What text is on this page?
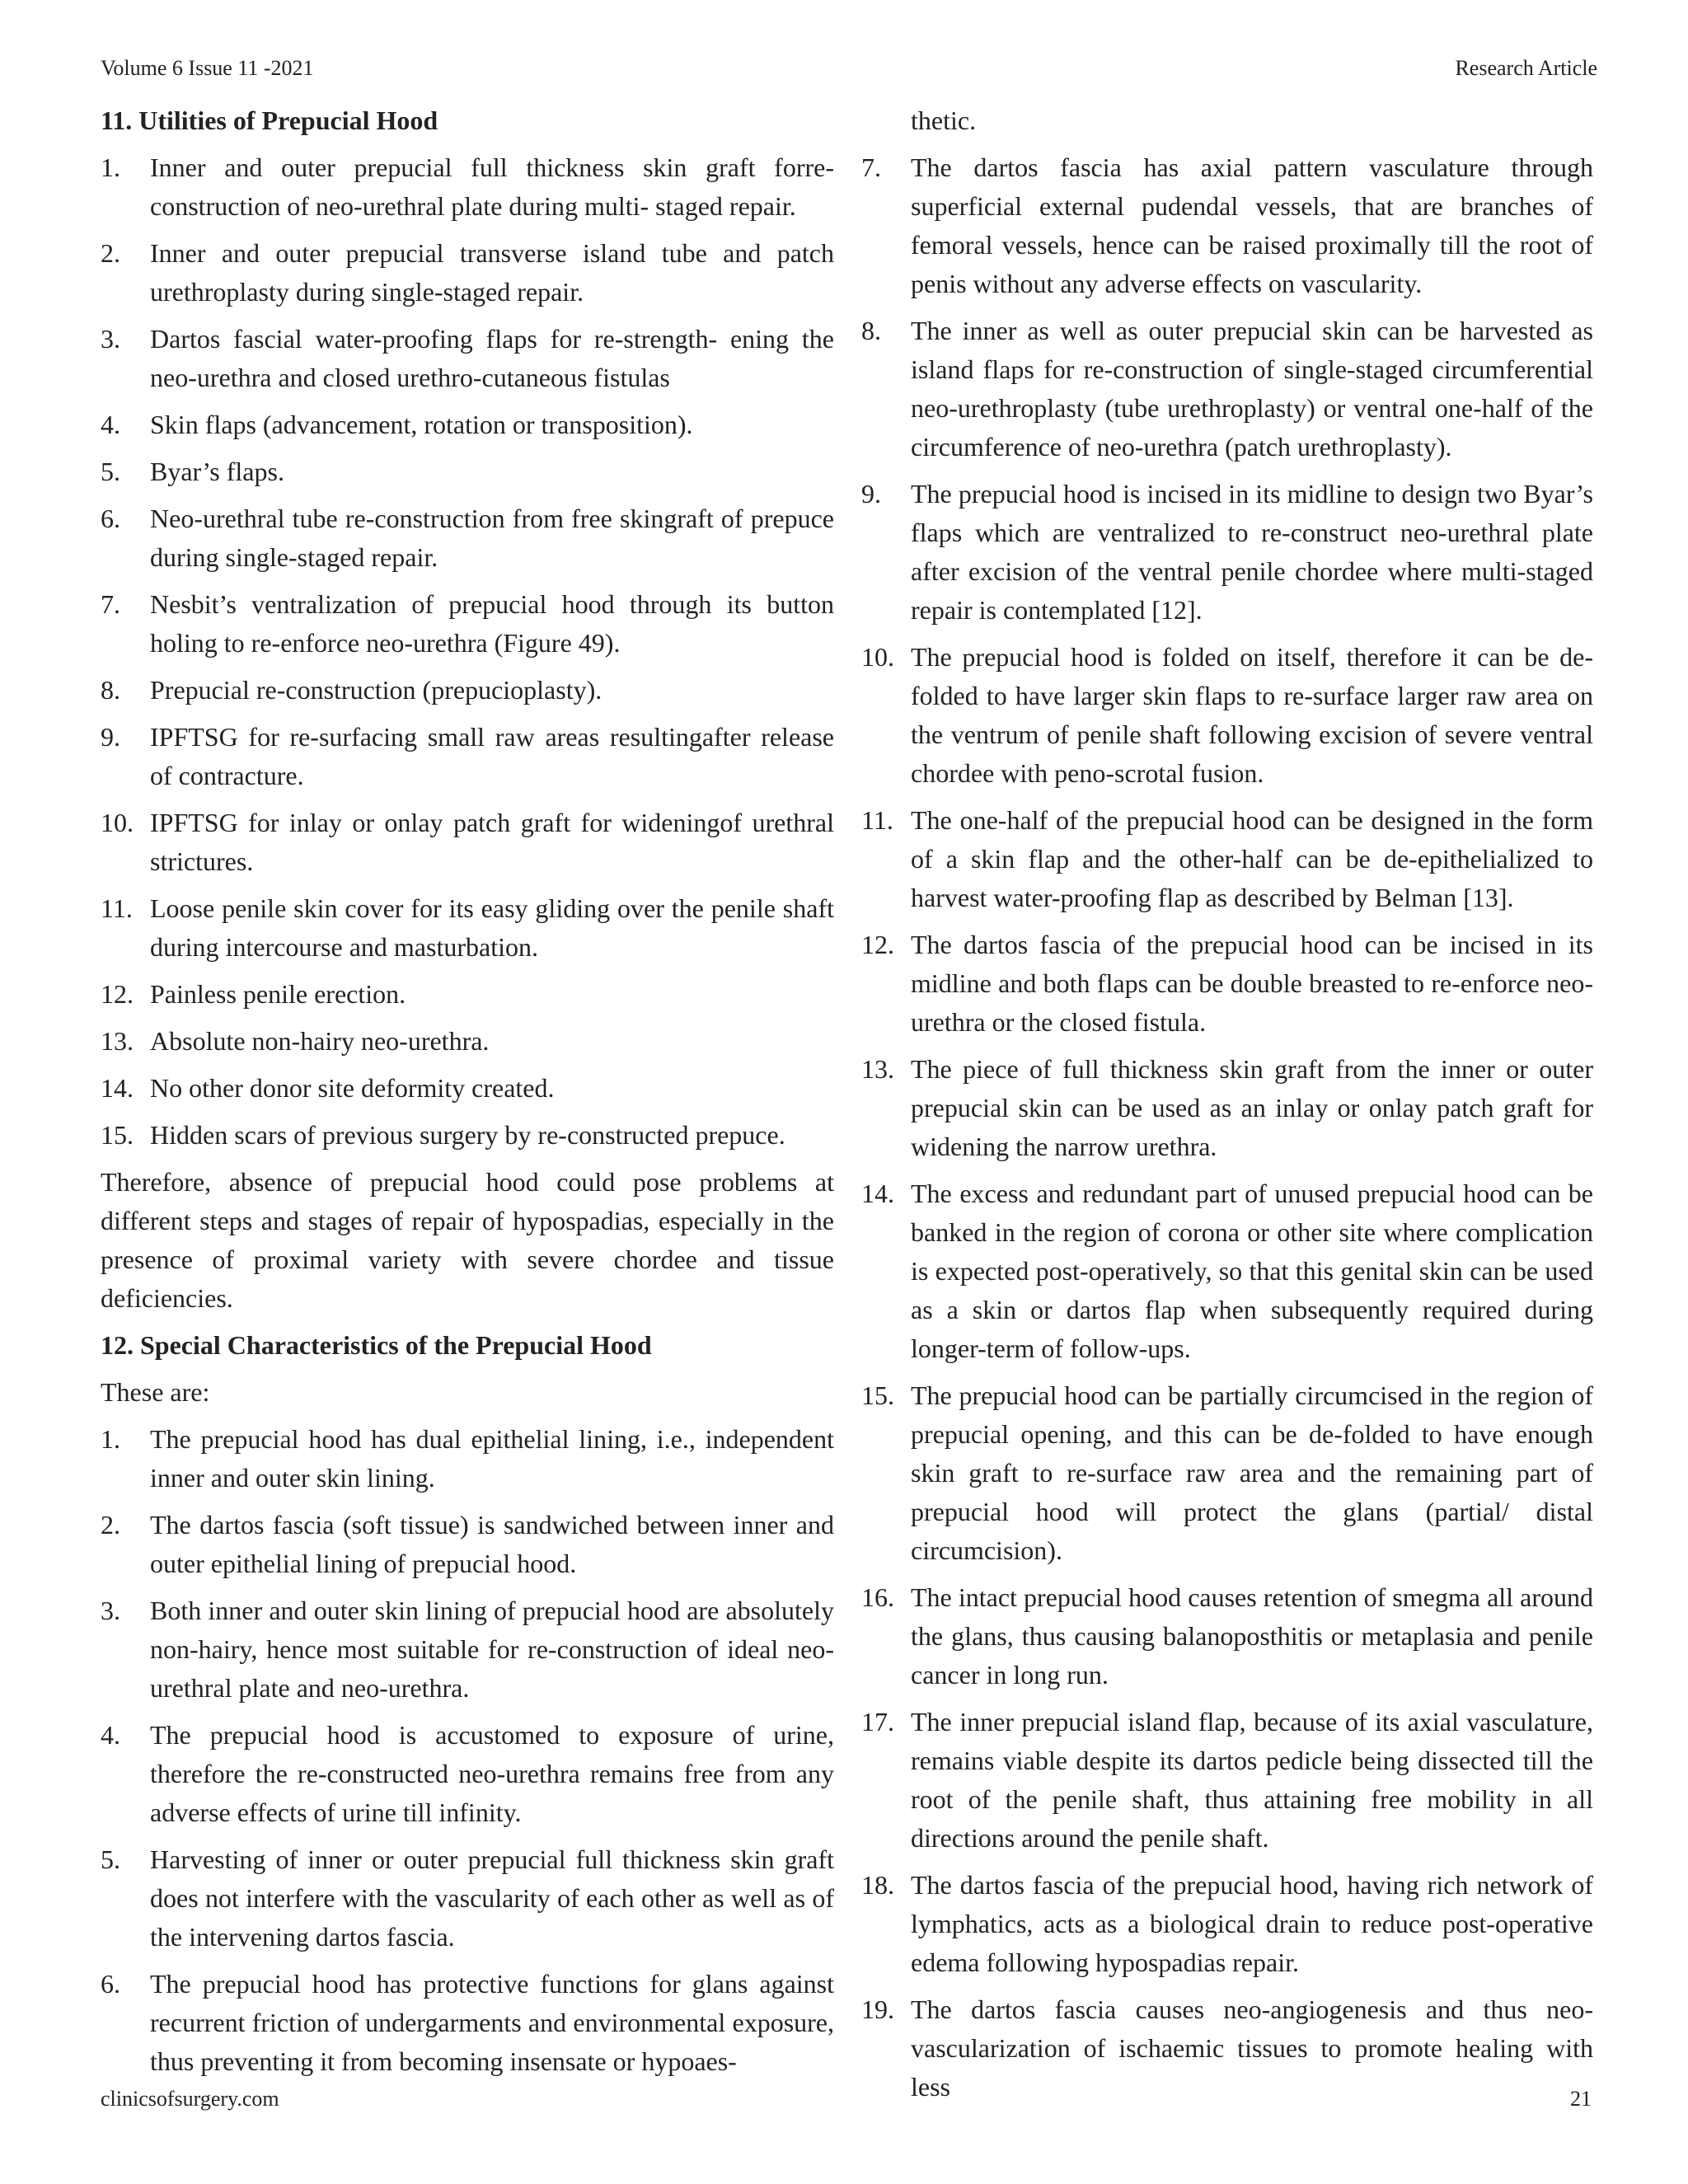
Volume 6 Issue 11 -2021	Research Article
11. Utilities of Prepucial Hood
1.	Inner and outer prepucial full thickness skin graft forre-construction of neo-urethral plate during multi- staged repair.
2.	Inner and outer prepucial transverse island tube and patch urethroplasty during single-staged repair.
3.	Dartos fascial water-proofing flaps for re-strength- ening the neo-urethra and closed urethro-cutaneous fistulas
4.	Skin flaps (advancement, rotation or transposition).
5.	Byar’s flaps.
6.	Neo-urethral tube re-construction from free skingraft of prepuce during single-staged repair.
7.	Nesbit’s ventralization of prepucial hood through its button holing to re-enforce neo-urethra (Figure 49).
8.	Prepucial re-construction (prepucioplasty).
9.	IPFTSG for re-surfacing small raw areas resultingafter release of contracture.
10. IPFTSG for inlay or onlay patch graft for wideningof urethral strictures.
11. Loose penile skin cover for its easy gliding over the penile shaft during intercourse and masturbation.
12. Painless penile erection.
13. Absolute non-hairy neo-urethra.
14. No other donor site deformity created.
15. Hidden scars of previous surgery by re-constructed prepuce.

Therefore, absence of prepucial hood could pose problems at different steps and stages of repair of hypospadias, especially in the presence of proximal variety with severe chordee and tissue deficiencies.

12. Special Characteristics of the Prepucial Hood

These are:

1.	The prepucial hood has dual epithelial lining, i.e., independent inner and outer skin lining.
2.	The dartos fascia (soft tissue) is sandwiched between inner and outer epithelial lining of prepucial hood.
3.	Both inner and outer skin lining of prepucial hood are absolutely non-hairy, hence most suitable for re-construction of ideal neo-urethral plate and neo-urethra.
4.	The prepucial hood is accustomed to exposure of urine, therefore the re-constructed neo-urethra remains free from any adverse effects of urine till infinity.
5.	Harvesting of inner or outer prepucial full thickness skin graft does not interfere with the vascularity of each other as well as of the intervening dartos fascia.
6.	The prepucial hood has protective functions for glans against recurrent friction of undergarments and environmental exposure, thus preventing it from becoming insensate or hypoaes-
thetic.
7.	The dartos fascia has axial pattern vasculature through superficial external pudendal vessels, that are branches of femoral vessels, hence can be raised proximally till the root of penis without any adverse effects on vascularity.
8.	The inner as well as outer prepucial skin can be harvested as island flaps for re-construction of single-staged circumferential neo-urethroplasty (tube urethroplasty) or ventral one-half of the circumference of neo-urethra (patch urethroplasty).
9.	The prepucial hood is incised in its midline to design two Byar’s flaps which are ventralized to re-construct neo-urethral plate after excision of the ventral penile chordee where multi-staged repair is contemplated [12].
10. The prepucial hood is folded on itself, therefore it can be de-folded to have larger skin flaps to re-surface larger raw area on the ventrum of penile shaft following excision of severe ventral chordee with peno-scrotal fusion.
11. The one-half of the prepucial hood can be designed in the form of a skin flap and the other-half can be de-epithelialized to harvest water-proofing flap as described by Belman [13].
12. The dartos fascia of the prepucial hood can be incised in its midline and both flaps can be double breasted to re-enforce neo-urethra or the closed fistula.
13. The piece of full thickness skin graft from the inner or outer prepucial skin can be used as an inlay or onlay patch graft for widening the narrow urethra.
14. The excess and redundant part of unused prepucial hood can be banked in the region of corona or other site where complication is expected post-operatively, so that this genital skin can be used as a skin or dartos flap when subsequently required during longer-term of follow-ups.
15. The prepucial hood can be partially circumcised in the region of prepucial opening, and this can be de-folded to have enough skin graft to re-surface raw area and the remaining part of prepucial hood will protect the glans (partial/ distal circumcision).
16. The intact prepucial hood causes retention of smegma all around the glans, thus causing balanoposthitis or metaplasia and penile cancer in long run.
17. The inner prepucial island flap, because of its axial vasculature, remains viable despite its dartos pedicle being dissected till the root of the penile shaft, thus attaining free mobility in all directions around the penile shaft.
18. The dartos fascia of the prepucial hood, having rich network of lymphatics, acts as a biological drain to reduce post-operative edema following hypospadias repair.
19. The dartos fascia causes neo-angiogenesis and thus neo-vascularization of ischaemic tissues to promote healing with less
clinicsofsurgery.com	21
